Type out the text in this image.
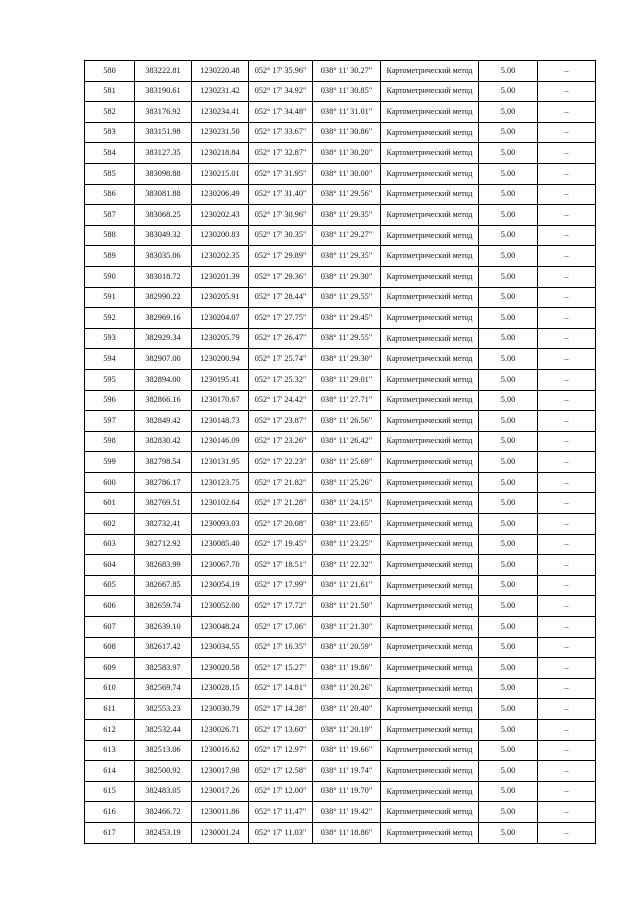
580	383222.81	1230220.48	052° 17' 35.96"	038° 11' 30.27"	Картометрический метод	5.00	–
581	383190.61	1230231.42	052° 17' 34.92"	038° 11' 30.85"	Картометрический метод	5.00	–
582	383176.92	1230234.41	052° 17' 34.48"	038° 11' 31.01"	Картометрический метод	5.00	–
583	383151.98	1230231.50	052° 17' 33.67"	038° 11' 30.86"	Картометрический метод	5.00	–
584	383127.35	1230218.84	052° 17' 32.87"	038° 11' 30.20"	Картометрический метод	5.00	–
585	383098.88	1230215.01	052° 17' 31.95"	038° 11' 30.00"	Картометрический метод	5.00	–
586	383081.88	1230206.49	052° 17' 31.40"	038° 11' 29.56"	Картометрический метод	5.00	–
587	383068.25	1230202.43	052° 17' 30.96"	038° 11' 29.35"	Картометрический метод	5.00	–
588	383049.32	1230200.83	052° 17' 30.35"	038° 11' 29.27"	Картометрический метод	5.00	–
589	383035.06	1230202.35	052° 17' 29.89"	038° 11' 29.35"	Картометрический метод	5.00	–
590	383018.72	1230201.39	052° 17' 29.36"	038° 11' 29.30"	Картометрический метод	5.00	–
591	382990.22	1230205.91	052° 17' 28.44"	038° 11' 29.55"	Картометрический метод	5.00	–
592	382969.16	1230204.07	052° 17' 27.75"	038° 11' 29.45"	Картометрический метод	5.00	–
593	382929.34	1230205.79	052° 17' 26.47"	038° 11' 29.55"	Картометрический метод	5.00	–
594	382907.00	1230200.94	052° 17' 25.74"	038° 11' 29.30"	Картометрический метод	5.00	–
595	382894.00	1230195.41	052° 17' 25.32"	038° 11' 29.01"	Картометрический метод	5.00	–
596	382866.16	1230170.67	052° 17' 24.42"	038° 11' 27.71"	Картометрический метод	5.00	–
597	382849.42	1230148.73	052° 17' 23.87"	038° 11' 26.56"	Картометрический метод	5.00	–
598	382830.42	1230146.09	052° 17' 23.26"	038° 11' 26.42"	Картометрический метод	5.00	–
599	382798.54	1230131.95	052° 17' 22.23"	038° 11' 25.69"	Картометрический метод	5.00	–
600	382786.17	1230123.75	052° 17' 21.82"	038° 11' 25.26"	Картометрический метод	5.00	–
601	382769.51	1230102.64	052° 17' 21.28"	038° 11' 24.15"	Картометрический метод	5.00	–
602	382732.41	1230093.03	052° 17' 20.08"	038° 11' 23.65"	Картометрический метод	5.00	–
603	382712.92	1230085.40	052° 17' 19.45"	038° 11' 23.25"	Картометрический метод	5.00	–
604	382683.99	1230067.70	052° 17' 18.51"	038° 11' 22.32"	Картометрический метод	5.00	–
605	382667.85	1230054.19	052° 17' 17.99"	038° 11' 21.61"	Картометрический метод	5.00	–
606	382659.74	1230052.00	052° 17' 17.72"	038° 11' 21.50"	Картометрический метод	5.00	–
607	382639.10	1230048.24	052° 17' 17.06"	038° 11' 21.30"	Картометрический метод	5.00	–
608	382617.42	1230034.55	052° 17' 16.35"	038° 11' 20.59"	Картометрический метод	5.00	–
609	382583.97	1230020.58	052° 17' 15.27"	038° 11' 19.86"	Картометрический метод	5.00	–
610	382569.74	1230028.15	052° 17' 14.81"	038° 11' 20.26"	Картометрический метод	5.00	–
611	382553.23	1230030.79	052° 17' 14.28"	038° 11' 20.40"	Картометрический метод	5.00	–
612	382532.44	1230026.71	052° 17' 13.60"	038° 11' 20.19"	Картометрический метод	5.00	–
613	382513.06	1230016.62	052° 17' 12.97"	038° 11' 19.66"	Картометрический метод	5.00	–
614	382500.92	1230017.98	052° 17' 12.58"	038° 11' 19.74"	Картометрический метод	5.00	–
615	382483.05	1230017.26	052° 17' 12.00"	038° 11' 19.70"	Картометрический метод	5.00	–
616	382466.72	1230011.86	052° 17' 11.47"	038° 11' 19.42"	Картометрический метод	5.00	–
617	382453.19	1230001.24	052° 17' 11.03"	038° 11' 18.86"	Картометрический метод	5.00	–
